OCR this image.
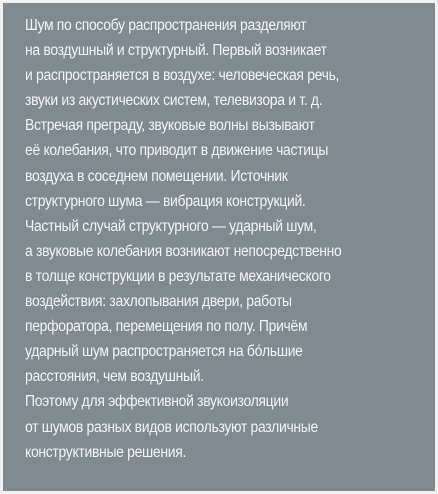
Шум по способу распространения разделяют
на воздушный и структурный. Первый возникает
и распространяется в воздухе: человеческая речь,
звуки из акустических систем, телевизора и т. д.
Встречая преграду, звуковые волны вызывают
её колебания, что приводит в движение частицы
воздуха в соседнем помещении. Источник
структурного шума — вибрация конструкций.
Частный случай структурного — ударный шум,
а звуковые колебания возникают непосредственно
в толще конструкции в результате механического
воздействия: захлопывания двери, работы
перфоратора, перемещения по полу. Причём
ударный шум распространяется на бóльшие
расстояния, чем воздушный.
Поэтому для эффективной звукоизоляции
от шумов разных видов используют различные
конструктивные решения.
